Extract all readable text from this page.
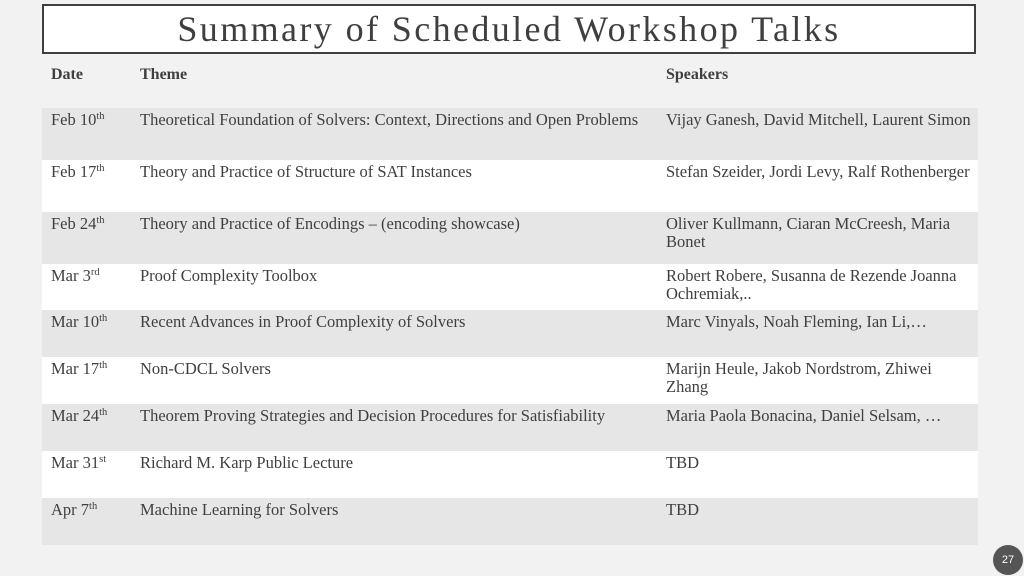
Summary of Scheduled Workshop Talks
Date	Theme	Speakers
Feb 10th	Theoretical Foundation of Solvers: Context, Directions and Open Problems	Vijay Ganesh, David Mitchell, Laurent Simon
Feb 17th	Theory and Practice of Structure of SAT Instances	Stefan Szeider, Jordi Levy, Ralf Rothenberger
Feb 24th	Theory and Practice of Encodings – (encoding showcase)	Oliver Kullmann, Ciaran McCreesh, Maria Bonet
Mar 3rd	Proof Complexity Toolbox	Robert Robere, Susanna de Rezende Joanna Ochremiak,..
Mar 10th	Recent Advances in Proof Complexity of Solvers	Marc Vinyals, Noah Fleming, Ian Li,…
Mar 17th	Non-CDCL Solvers	Marijn Heule, Jakob Nordstrom, Zhiwei Zhang
Mar 24th	Theorem Proving Strategies and Decision Procedures for Satisfiability	Maria Paola Bonacina, Daniel Selsam, …
Mar 31st	Richard M. Karp Public Lecture	TBD
Apr 7th	Machine Learning for Solvers	TBD
27
